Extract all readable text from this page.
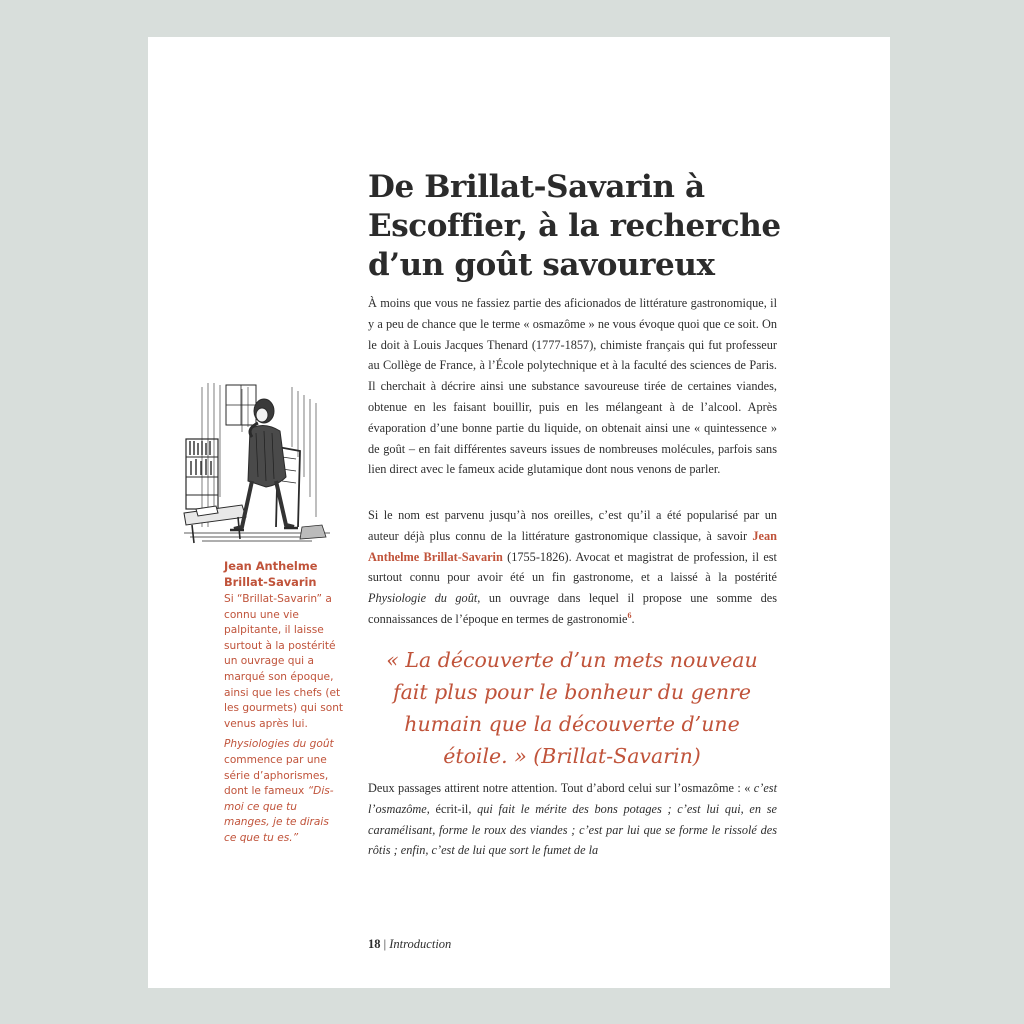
De Brillat-Savarin à Escoffier, à la recherche d’un goût savoureux

À moins que vous ne fassiez partie des aficionados de littérature gastronomique, il y a peu de chance que le terme « osmazôme » ne vous évoque quoi que ce soit. On le doit à Louis Jacques Thenard (1777-1857), chimiste français qui fut professeur au Collège de France, à l’École polytechnique et à la faculté des sciences de Paris. Il cherchait à décrire ainsi une substance savoureuse tirée de certaines viandes, obtenue en les faisant bouillir, puis en les mélangeant à de l’alcool. Après évaporation d’une bonne partie du liquide, on obtenait ainsi une « quintessence » de goût – en fait différentes saveurs issues de nombreuses molécules, parfois sans lien direct avec le fameux acide glutamique dont nous venons de parler.

Si le nom est parvenu jusqu’à nos oreilles, c’est qu’il a été popularisé par un auteur déjà plus connu de la littérature gastronomique classique, à savoir Jean Anthelme Brillat-Savarin (1755-1826). Avocat et magistrat de profession, il est surtout connu pour avoir été un fin gastronome, et a laissé à la postérité Physiologie du goût, un ouvrage dans lequel il propose une somme des connaissances de l’époque en termes de gastronomie$^6$.

« La découverte d’un mets nouveau fait plus pour le bonheur du genre humain que la découverte d’une étoile. » (Brillat-Savarin)

Deux passages attirent notre attention. Tout d’abord celui sur l’osmazôme : « c’est l’osmazôme, écrit-il, qui fait le mérite des bons potages ; c’est lui qui, en se caramélisant, forme le roux des viandes ; c’est par lui que se forme le rissolé des rôtis ; enfin, c’est de lui que sort le fumet de la

Jean Anthelme Brillat-Savarin

Si “Brillat-Savarin” a connu une vie palpitante, il laisse surtout à la postérité un ouvrage qui a marqué son époque, ainsi que les chefs (et les gourmets) qui sont venus après lui.

Physiologies du goût commence par une série d’aphorismes, dont le fameux “Dis-moi ce que tu manges, je te dirais ce que tu es.”

18 | Introduction
